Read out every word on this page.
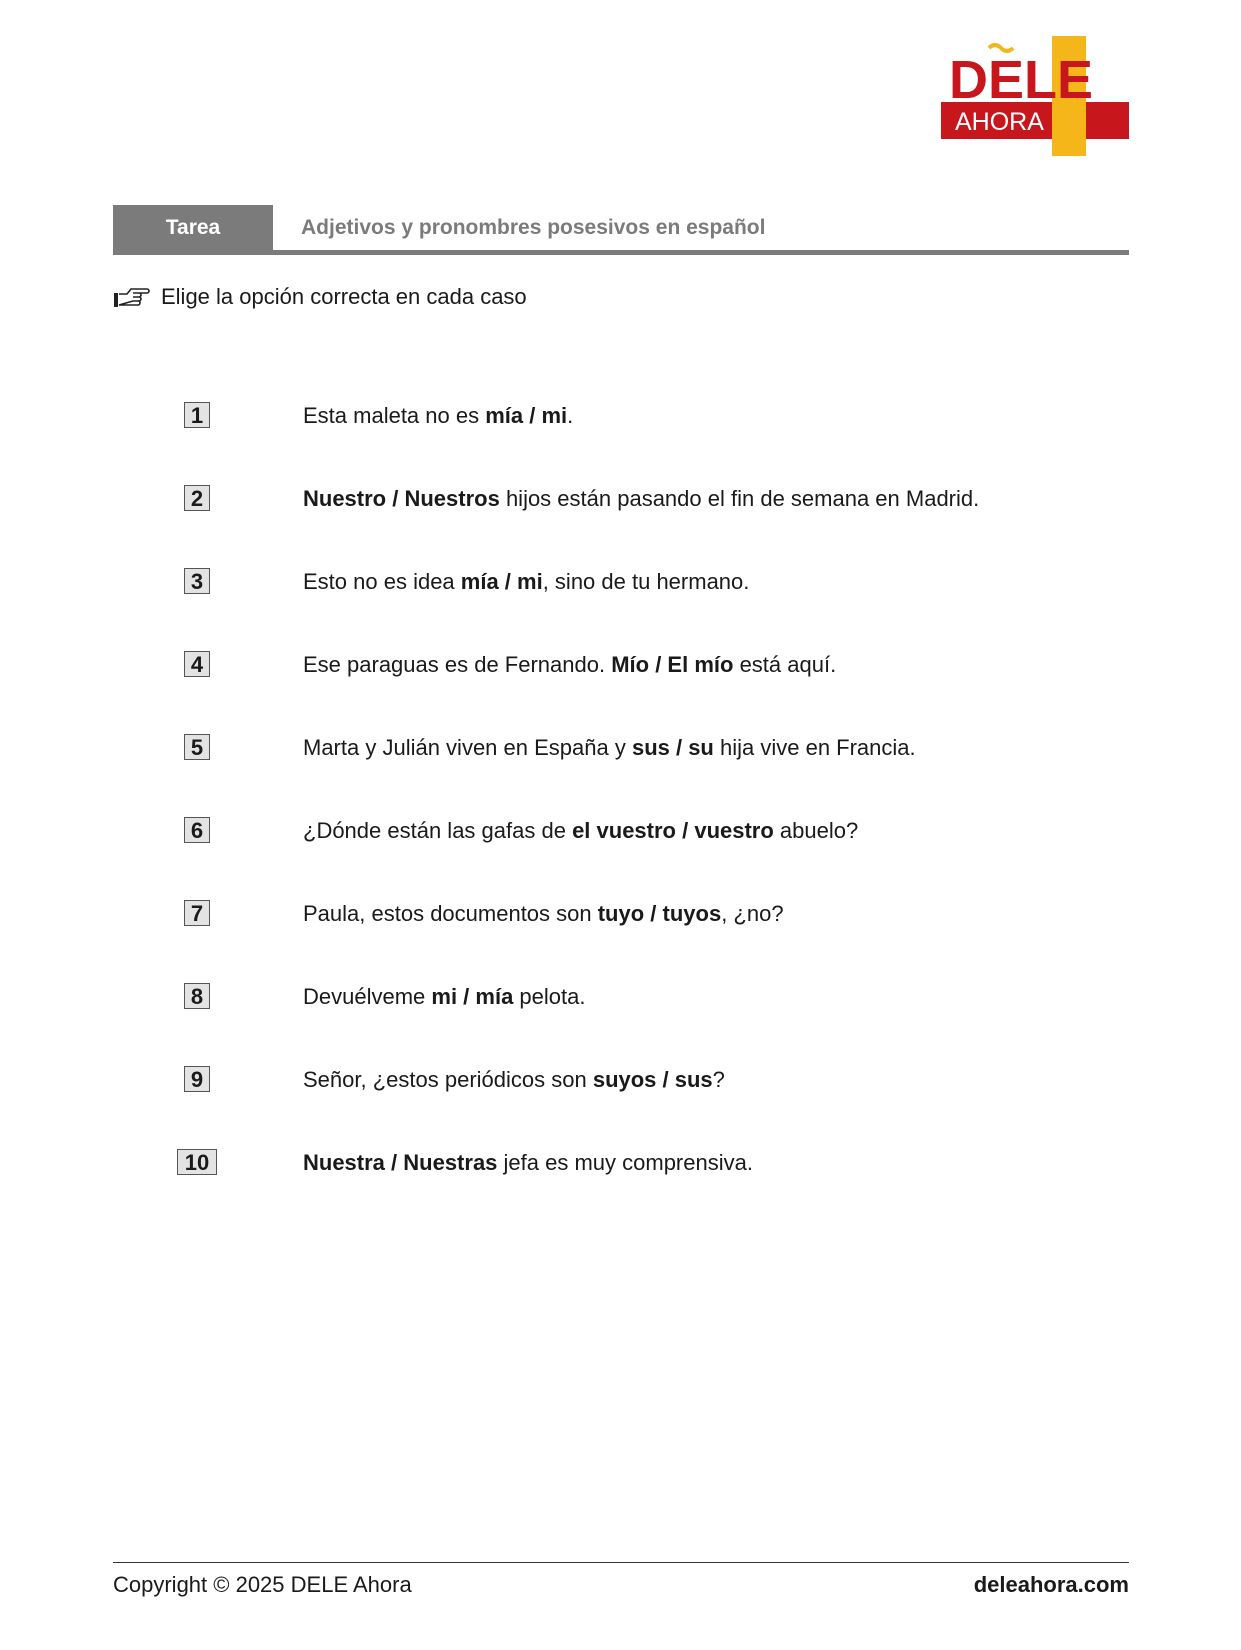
DELE
AHORA
Tarea	Adjetivos y pronombres posesivos en español
Elige la opción correcta en cada caso
1	Esta maleta no es mía / mi.
2	Nuestro / Nuestros hijos están pasando el fin de semana en Madrid.
3	Esto no es idea mía / mi, sino de tu hermano.
4	Ese paraguas es de Fernando. Mío / El mío está aquí.
5	Marta y Julián viven en España y sus / su hija vive en Francia.
6	¿Dónde están las gafas de el vuestro / vuestro abuelo?
7	Paula, estos documentos son tuyo / tuyos, ¿no?
8	Devuélveme mi / mía pelota.
9	Señor, ¿estos periódicos son suyos / sus?
10	Nuestra / Nuestras jefa es muy comprensiva.
Copyright © 2025 DELE Ahora	deleahora.com
